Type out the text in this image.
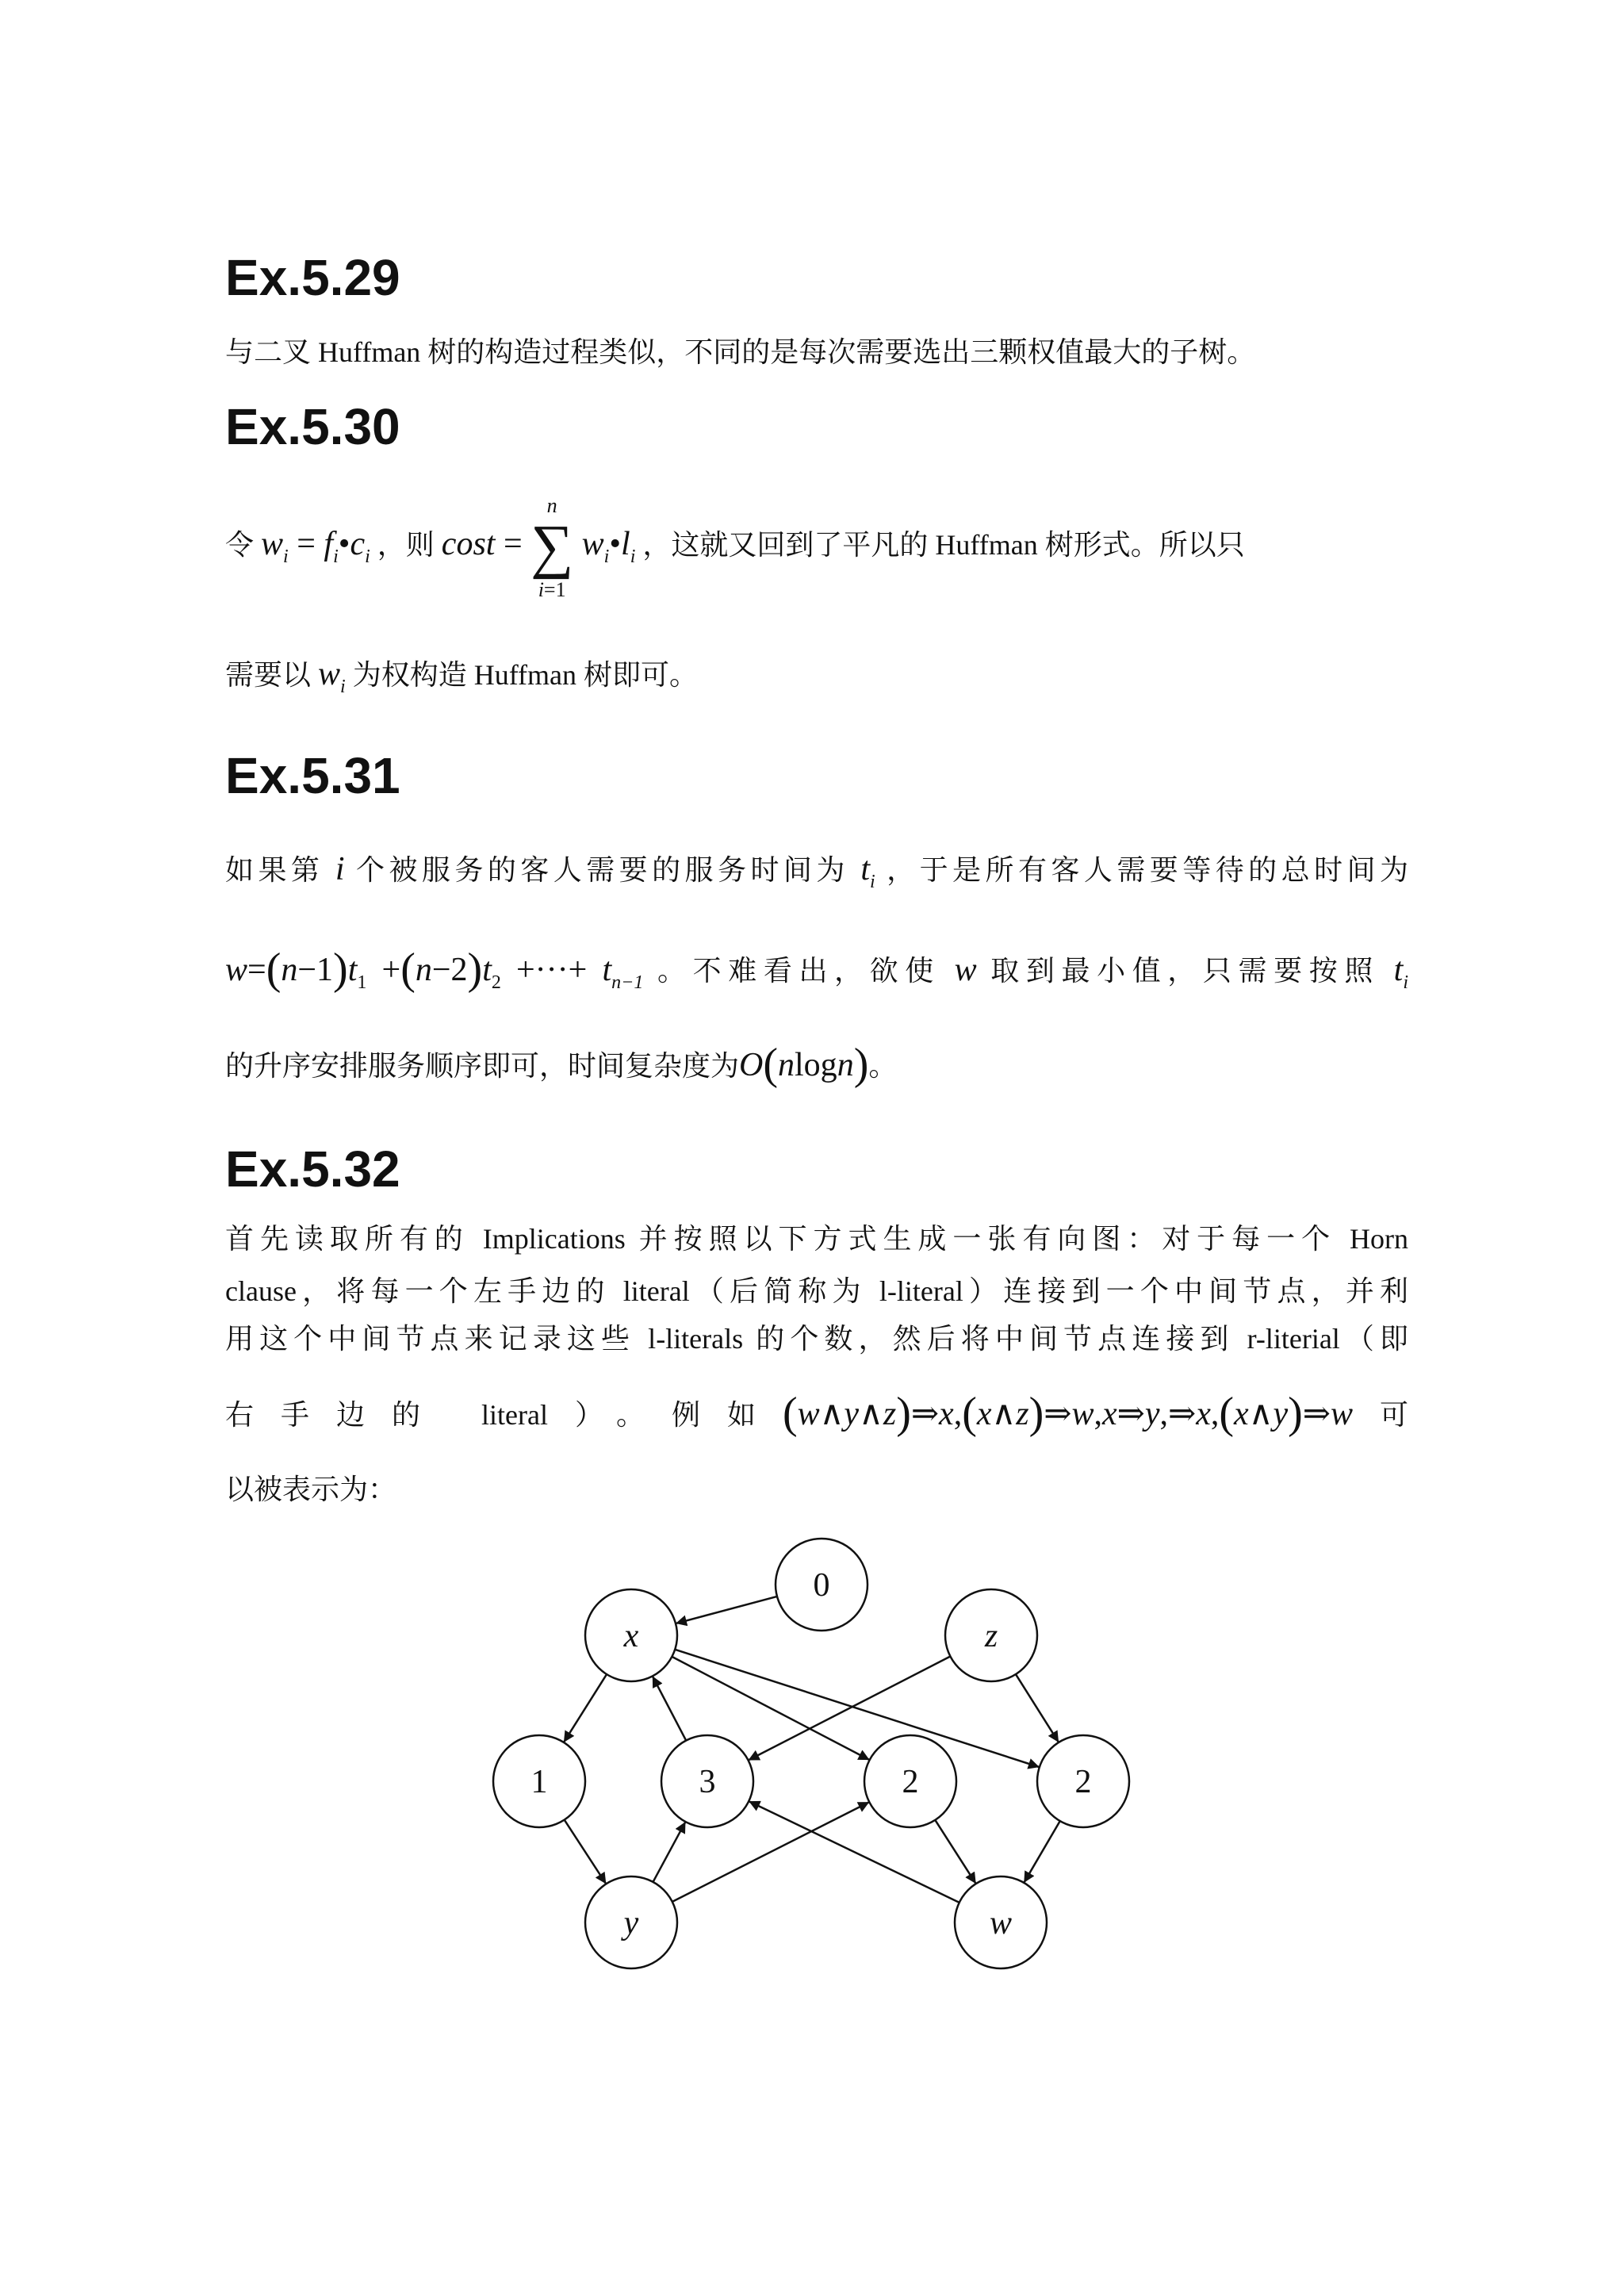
Ex.5.29

与二叉 Huffman 树的构造过程类似，不同的是每次需要选出三颗权值最大的子树。

Ex.5.30

令 $w_i$ = $f_i•c_i$ ，则 cost =
n
∑
i=1
$w_i•l_i$ ，这就又回到了平凡的 Huffman 树形式。所以只

需要以 $w_i$ 为权构造 Huffman 树即可。

Ex.5.31

如果第 i 个被服务的客人需要的服务时间为 $t_i$ ，于是所有客人需要等待的总时间为

$w=(n-1)t_1 +(n-2)t_2$ +···+ $t_{n-1}$ 。不难看出，欲使 w 取到最小值，只需要按照 $t_i$

的升序安排服务顺序即可，时间复杂度为O(nlogn)。

Ex.5.32

首先读取所有的 Implications 并按照以下方式生成一张有向图：对于每一个 Horn

clause，将每一个左手边的 literal（后简称为 l-literal）连接到一个中间节点，并利

用这个中间节点来记录这些 l-literals 的个数，然后将中间节点连接到 r-literial（即

右手边的 literal）。例如(w∧y∧z)⇒x,(x∧z)⇒w,x⇒y,⇒x,(x∧y)⇒w可

以被表示为：

0
x	z
1	3	2	2
y	w
